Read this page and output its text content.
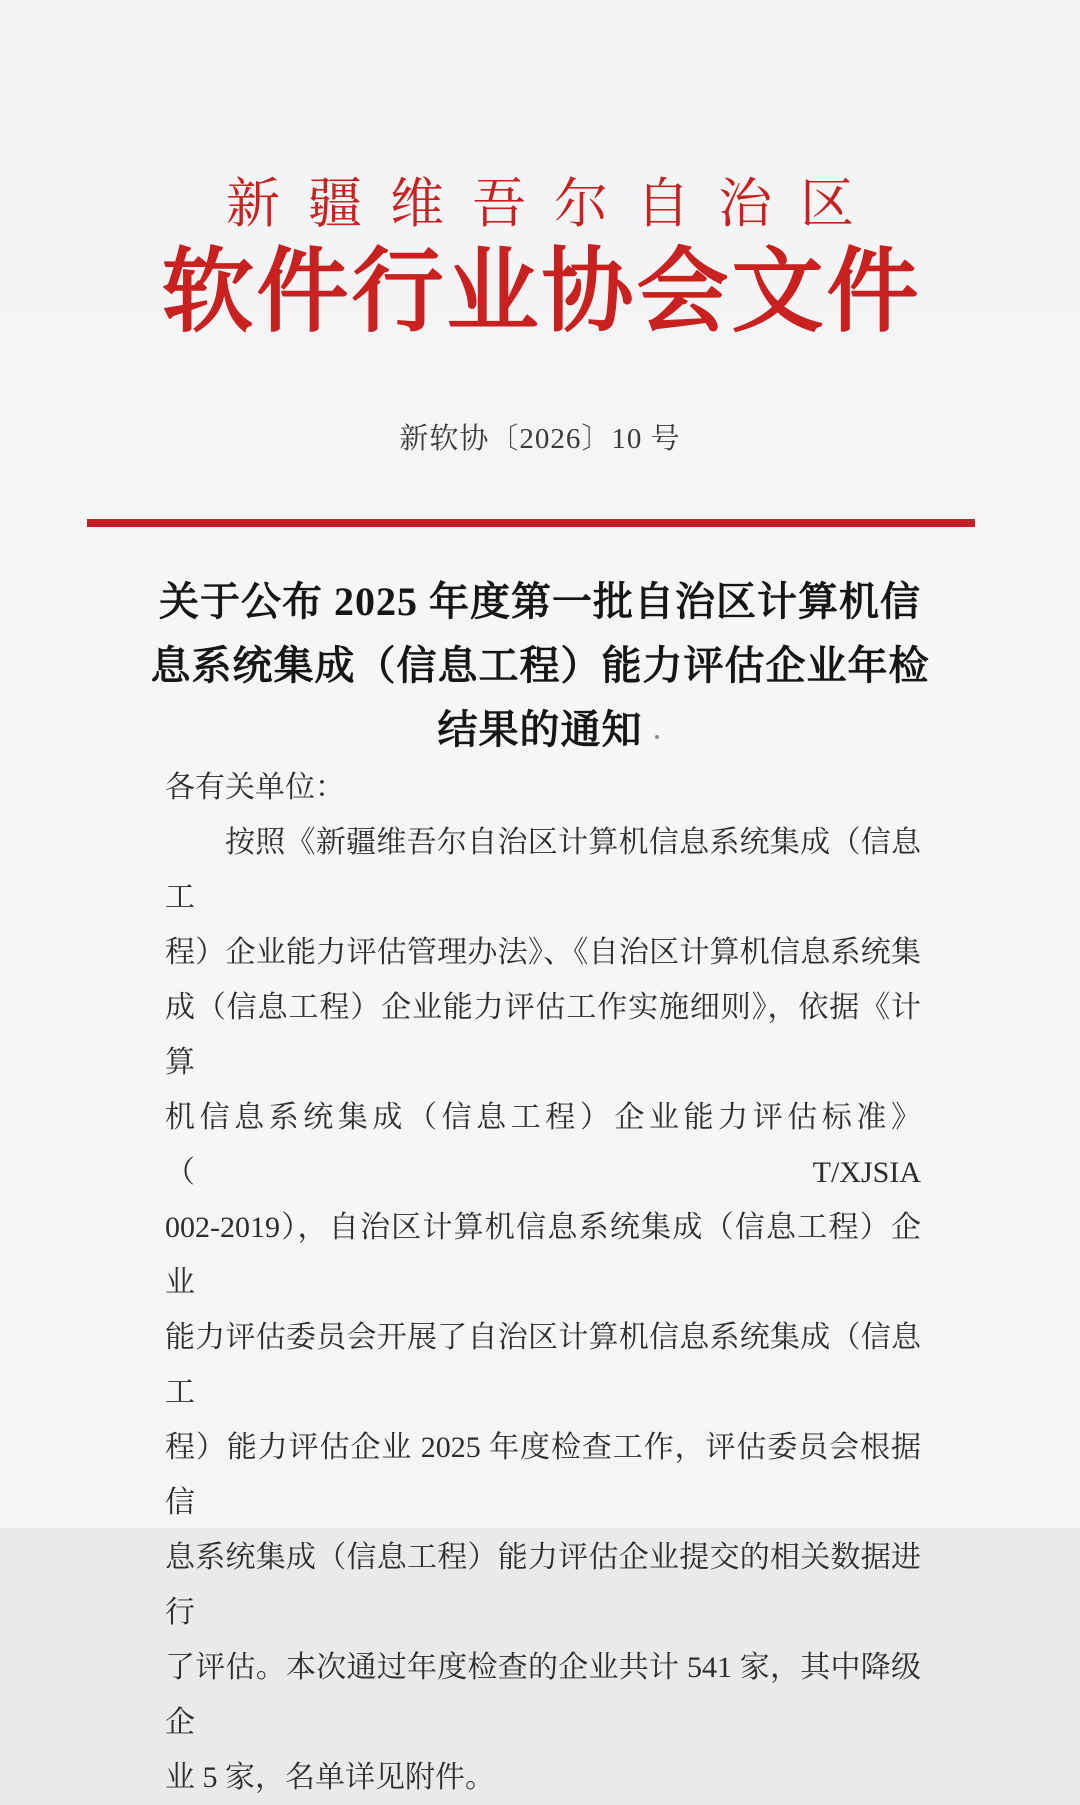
新疆维吾尔自治区
软件行业协会文件
新软协〔2026〕10 号
关于公布 2025 年度第一批自治区计算机信
息系统集成（信息工程）能力评估企业年检
结果的通知
各有关单位：
按照《新疆维吾尔自治区计算机信息系统集成（信息工
程）企业能力评估管理办法》、《自治区计算机信息系统集
成（信息工程）企业能力评估工作实施细则》，依据《计算
机信息系统集成（信息工程）企业能力评估标准》（T/XJSIA
002-2019），自治区计算机信息系统集成（信息工程）企业
能力评估委员会开展了自治区计算机信息系统集成（信息工
程）能力评估企业 2025 年度检查工作，评估委员会根据信
息系统集成（信息工程）能力评估企业提交的相关数据进行
了评估。本次通过年度检查的企业共计 541 家，其中降级企
业 5 家，名单详见附件。
